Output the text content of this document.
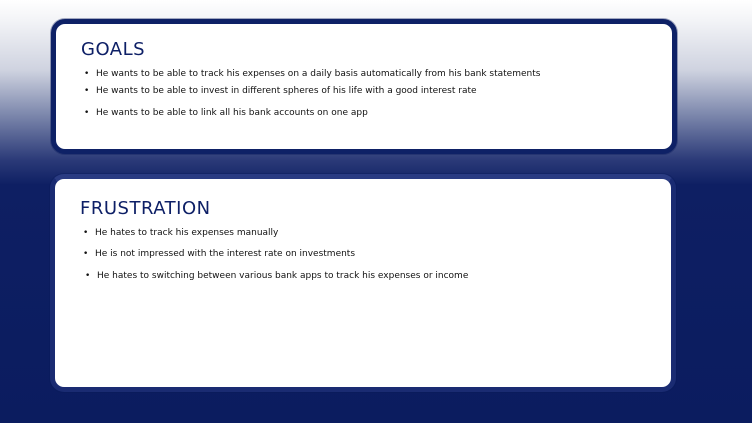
GOALS
• He wants to be able to track his expenses on a daily basis automatically from his bank statements
• He wants to be able to invest in different spheres of his life with a good interest rate
• He wants to be able to link all his bank accounts on one app
FRUSTRATION
• He hates to track his expenses manually
• He is not impressed with the interest rate on investments
• He hates to switching between various bank apps to track his expenses or income
